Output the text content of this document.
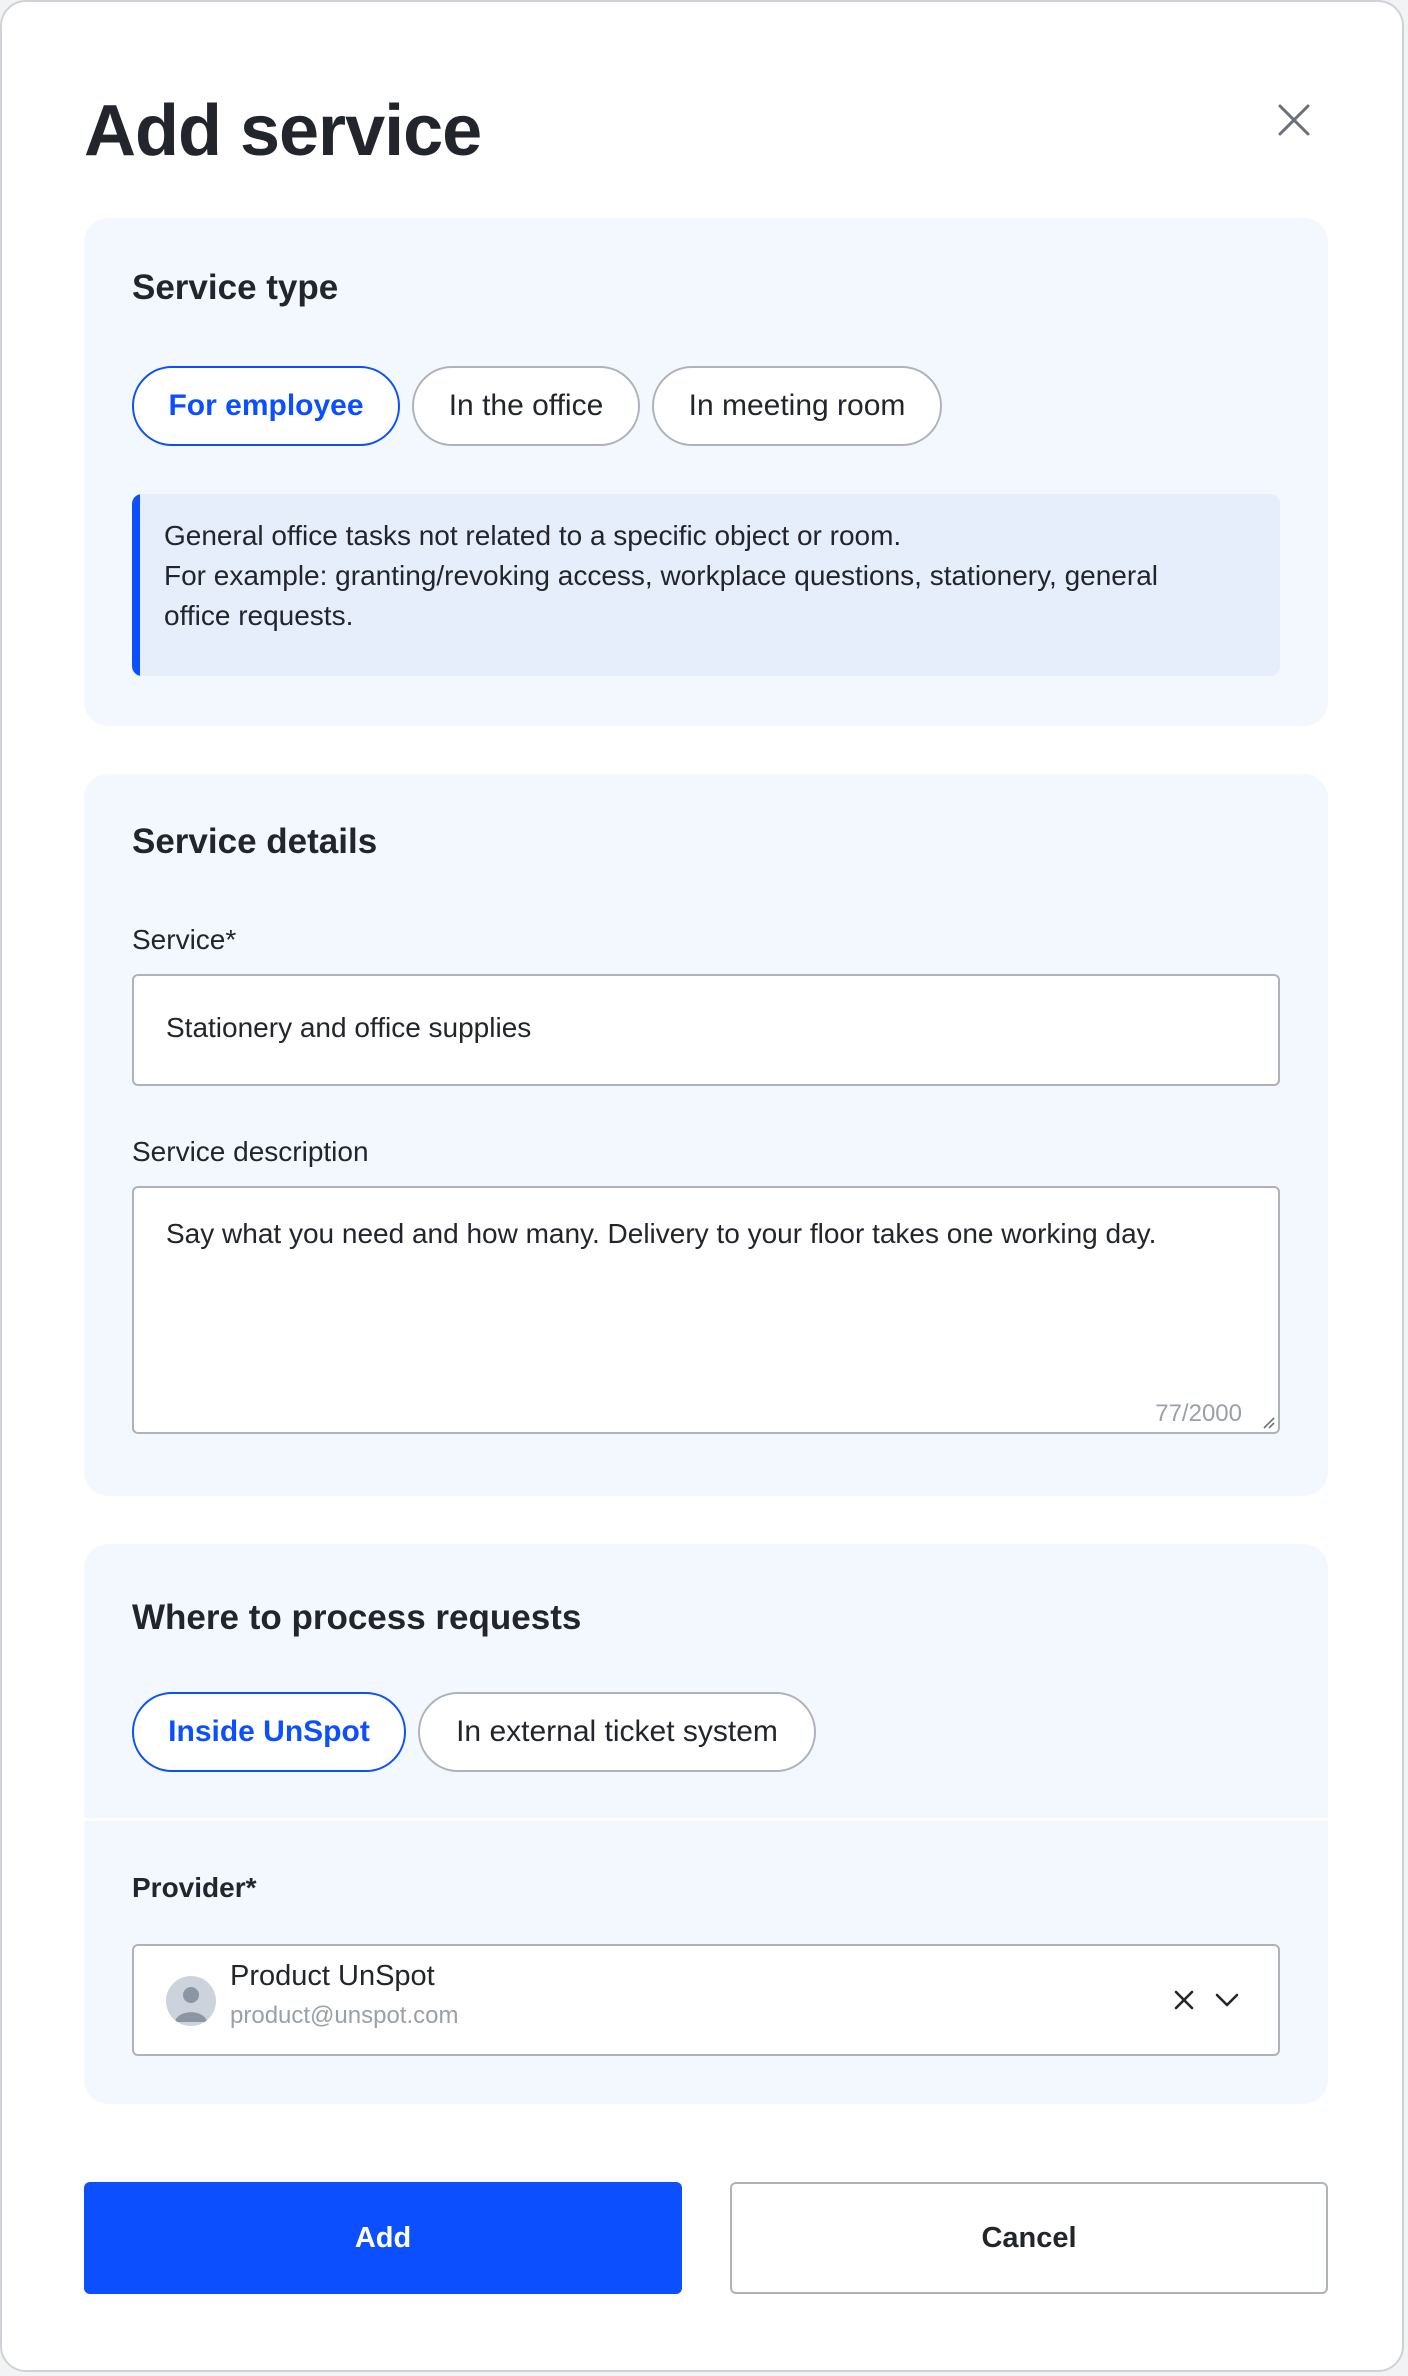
Add service
Service type
For employee	In the office	In meeting room
General office tasks not related to a specific object or room.
For example: granting/revoking access, workplace questions, stationery, general
office requests.
Service details
Service*
Stationery and office supplies
Service description
Say what you need and how many. Delivery to your floor takes one working day.
77/2000
Where to process requests
Inside UnSpot	In external ticket system
Provider*
Product UnSpot
product@unspot.com
Add	Cancel
